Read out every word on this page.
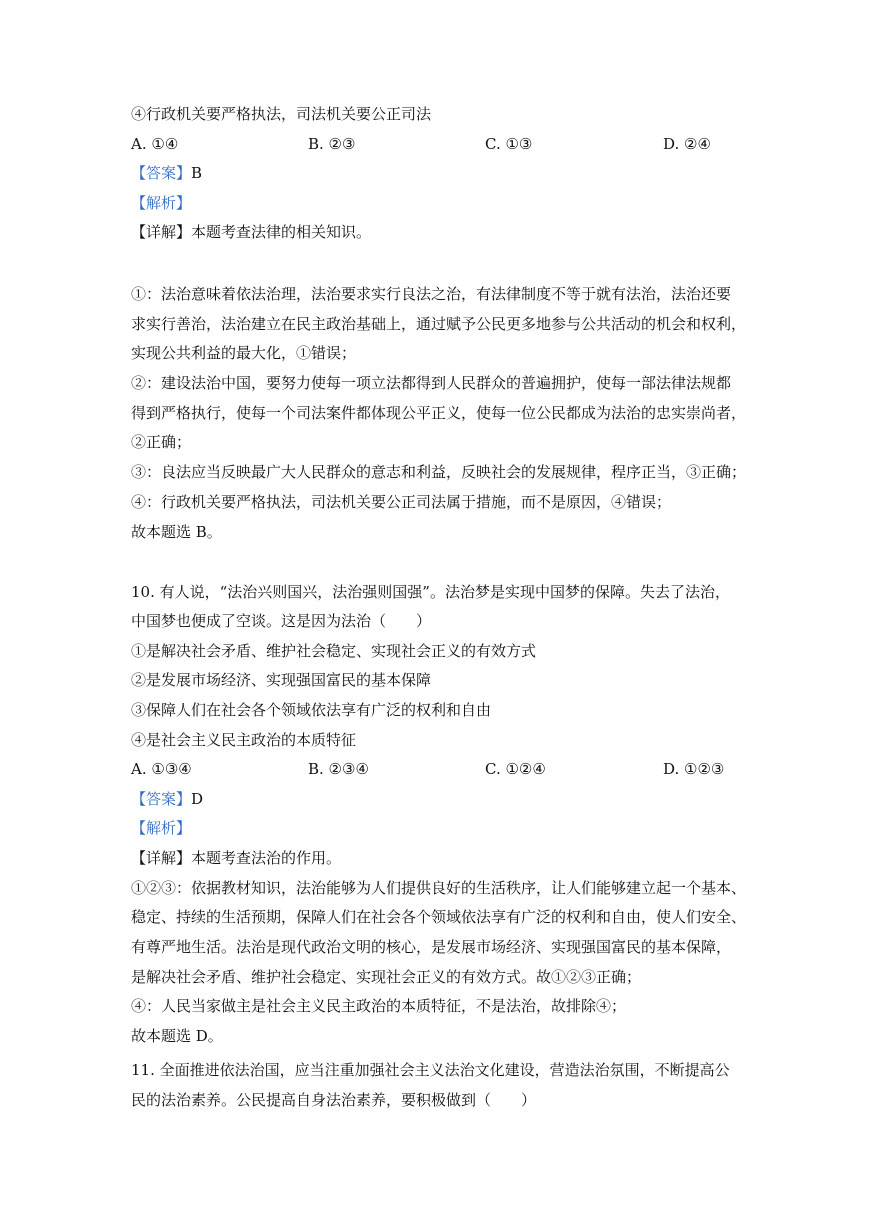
④行政机关要严格执法，司法机关要公正司法
A. ①④	B. ②③	C. ①③	D. ②④
【答案】B
【解析】
【详解】本题考查法律的相关知识。
①：法治意味着依法治理，法治要求实行良法之治，有法律制度不等于就有法治，法治还要
求实行善治，法治建立在民主政治基础上，通过赋予公民更多地参与公共活动的机会和权利，
实现公共利益的最大化，①错误；
②：建设法治中国，要努力使每一项立法都得到人民群众的普遍拥护，使每一部法律法规都
得到严格执行，使每一个司法案件都体现公平正义，使每一位公民都成为法治的忠实崇尚者，
②正确；
③：良法应当反映最广大人民群众的意志和利益，反映社会的发展规律，程序正当，③正确；
④：行政机关要严格执法，司法机关要公正司法属于措施，而不是原因，④错误；
故本题选 B。
10. 有人说，“法治兴则国兴，法治强则国强”。法治梦是实现中国梦的保障。失去了法治，
中国梦也便成了空谈。这是因为法治（　　）
①是解决社会矛盾、维护社会稳定、实现社会正义的有效方式
②是发展市场经济、实现强国富民的基本保障
③保障人们在社会各个领域依法享有广泛的权利和自由
④是社会主义民主政治的本质特征
A. ①③④	B. ②③④	C. ①②④	D. ①②③
【答案】D
【解析】
【详解】本题考查法治的作用。
①②③：依据教材知识，法治能够为人们提供良好的生活秩序，让人们能够建立起一个基本、
稳定、持续的生活预期，保障人们在社会各个领域依法享有广泛的权利和自由，使人们安全、
有尊严地生活。法治是现代政治文明的核心，是发展市场经济、实现强国富民的基本保障，
是解决社会矛盾、维护社会稳定、实现社会正义的有效方式。故①②③正确；
④：人民当家做主是社会主义民主政治的本质特征，不是法治，故排除④；
故本题选 D。
11. 全面推进依法治国，应当注重加强社会主义法治文化建设，营造法治氛围，不断提高公
民的法治素养。公民提高自身法治素养，要积极做到（　　）
